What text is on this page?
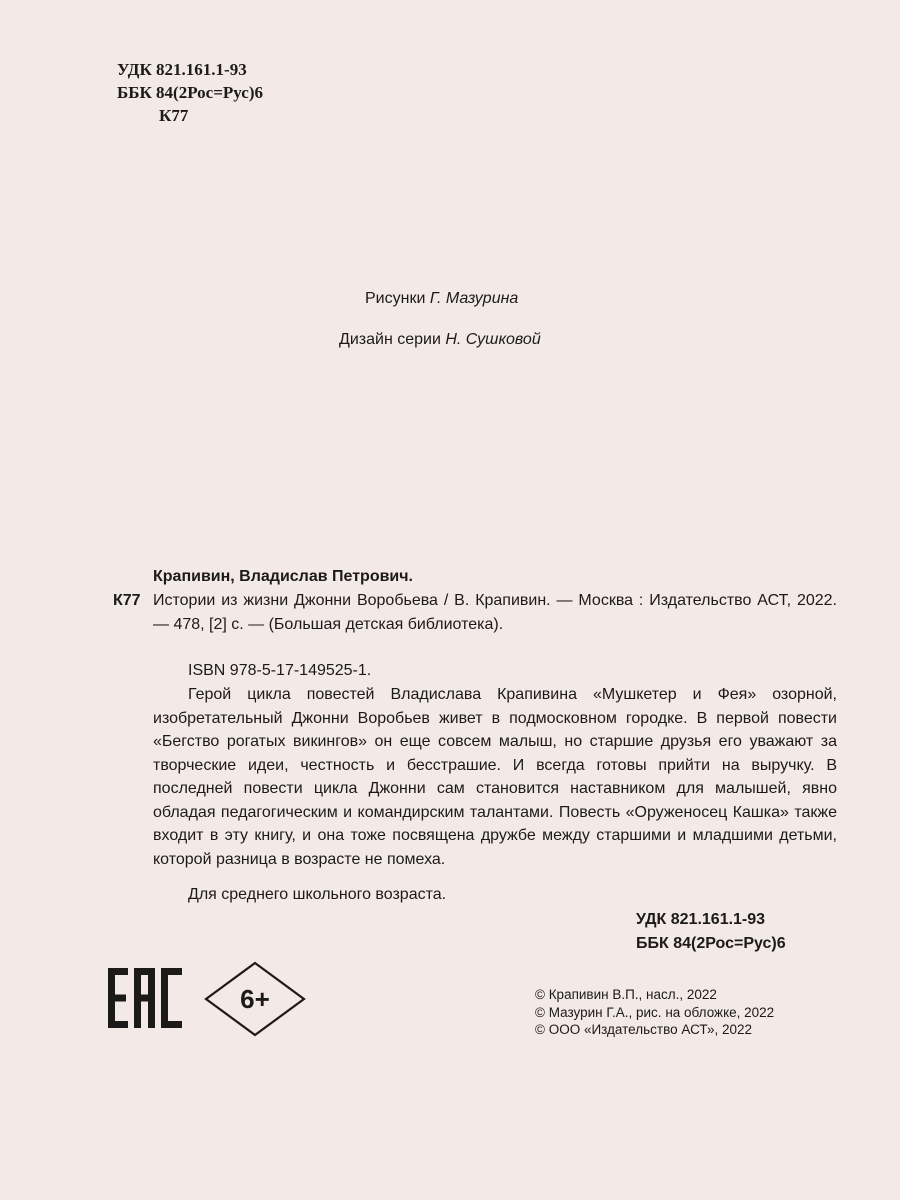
УДК 821.161.1-93
ББК 84(2Рос=Рус)6
К77
Рисунки Г. Мазурина
Дизайн серии Н. Сушковой
Крапивин, Владислав Петрович.
К77 Истории из жизни Джонни Воробьева / В. Крапивин. — Москва : Издательство АСТ, 2022. — 478, [2] с. — (Большая детская библиотека).
ISBN 978-5-17-149525-1.
Герой цикла повестей Владислава Крапивина «Мушкетер и Фея» озорной, изобретательный Джонни Воробьев живет в подмосковном городке. В первой повести «Бегство рогатых викингов» он еще совсем малыш, но старшие друзья его уважают за творческие идеи, честность и бесстрашие. И всегда готовы прийти на выручку. В последней повести цикла Джонни сам становится наставником для малышей, явно обладая педагогическим и командирским талантами. Повесть «Оруженосец Кашка» также входит в эту книгу, и она тоже посвящена дружбе между старшими и младшими детьми, которой разница в возрасте не помеха.
Для среднего школьного возраста.
УДК 821.161.1-93
ББК 84(2Рос=Рус)6
6+	© Крапивин В.П., насл., 2022
© Мазурин Г.А., рис. на обложке, 2022
© ООО «Издательство АСТ», 2022
